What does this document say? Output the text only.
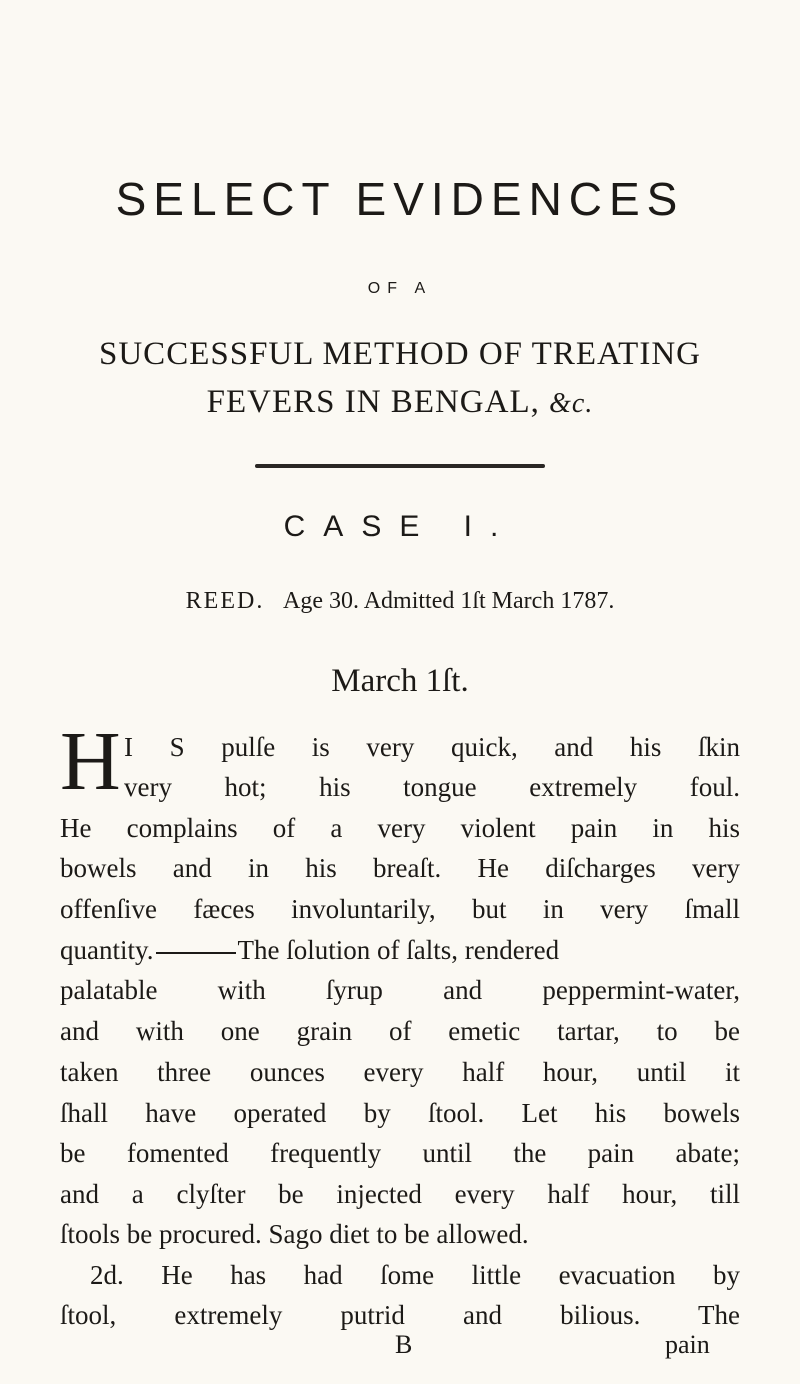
SELECT EVIDENCES
OF A
SUCCESSFUL METHOD OF TREATING
FEVERS IN BENGAL, &c.
CASE I.
REED. Age 30. Admitted 1ſt March 1787.
March 1ſt.
H I S pulſe is very quick, and his ſkin
very hot; his tongue extremely foul.
He complains of a very violent pain in his
bowels and in his breaſt. He diſcharges very
offenſive fæces involuntarily, but in very ſmall
quantity.	The ſolution of ſalts, rendered
palatable with ſyrup and peppermint-water,
and with one grain of emetic tartar, to be
taken three ounces every half hour, until it
ſhall have operated by ſtool. Let his bowels
be fomented frequently until the pain abate;
and a clyſter be injected every half hour, till
ſtools be procured. Sago diet to be allowed.
2d. He has had ſome little evacuation by
ſtool, extremely putrid and bilious. The
B	pain
